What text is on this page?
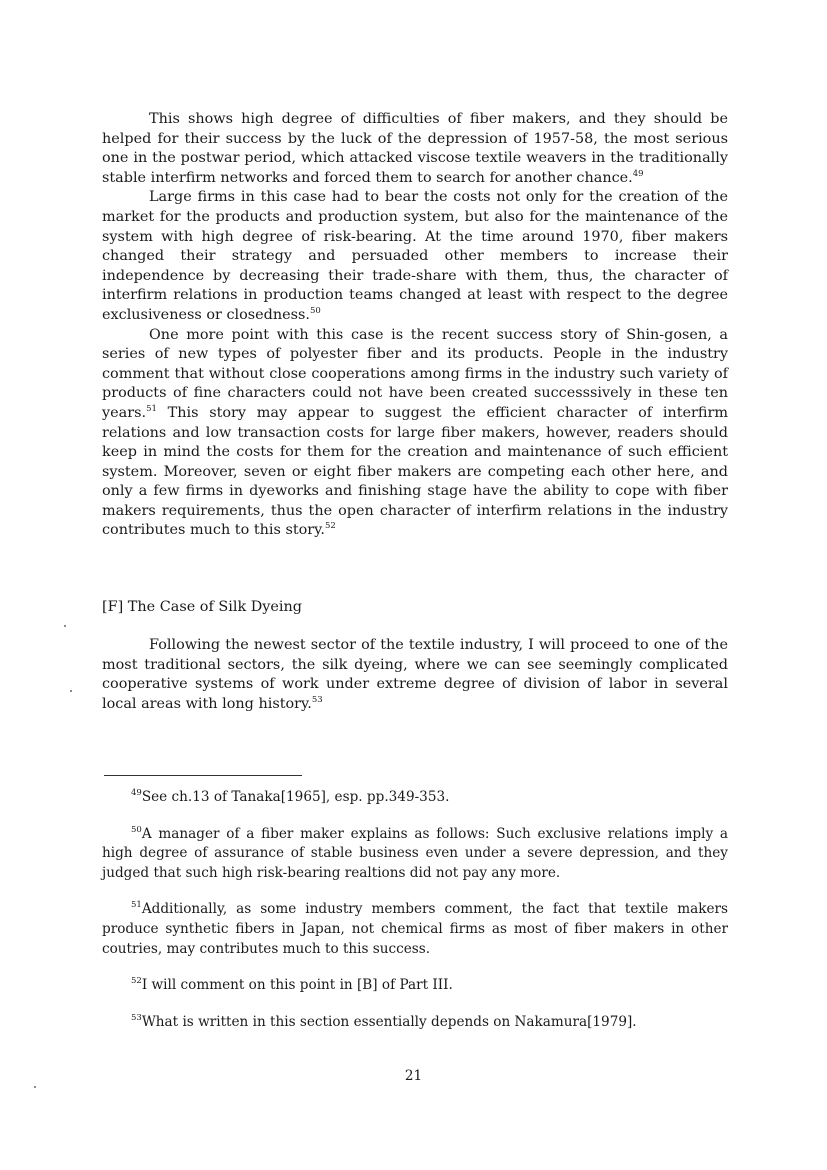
This shows high degree of difficulties of fiber makers, and they should be helped for their success by the luck of the depression of 1957-58, the most serious one in the postwar period, which attacked viscose textile weavers in the traditionally stable interfirm networks and forced them to search for another chance.$^{49}$

Large firms in this case had to bear the costs not only for the creation of the market for the products and production system, but also for the maintenance of the system with high degree of risk-bearing. At the time around 1970, fiber makers changed their strategy and persuaded other members to increase their independence by decreasing their trade-share with them, thus, the character of interfirm relations in production teams changed at least with respect to the degree exclusiveness or closedness.$^{50}$

One more point with this case is the recent success story of Shin-gosen, a series of new types of polyester fiber and its products. People in the industry comment that without close cooperations among firms in the industry such variety of products of fine characters could not have been created successsively in these ten years.$^{51}$ This story may appear to suggest the efficient character of interfirm relations and low transaction costs for large fiber makers, however, readers should keep in mind the costs for them for the creation and maintenance of such efficient system. Moreover, seven or eight fiber makers are competing each other here, and only a few firms in dyeworks and finishing stage have the ability to cope with fiber makers requirements, thus the open character of interfirm relations in the industry contributes much to this story.$^{52}$

[F] The Case of Silk Dyeing

Following the newest sector of the textile industry, I will proceed to one of the most traditional sectors, the silk dyeing, where we can see seemingly complicated cooperative systems of work under extreme degree of division of labor in several local areas with long history.$^{53}$

$^{49}$See ch.13 of Tanaka[1965], esp. pp.349-353.

$^{50}$A manager of a fiber maker explains as follows: Such exclusive relations imply a high degree of assurance of stable business even under a severe depression, and they judged that such high risk-bearing realtions did not pay any more.

$^{51}$Additionally, as some industry members comment, the fact that textile makers produce synthetic fibers in Japan, not chemical firms as most of fiber makers in other coutries, may contributes much to this success.

$^{52}$I will comment on this point in [B] of Part III.

$^{53}$What is written in this section essentially depends on Nakamura[1979].

21
